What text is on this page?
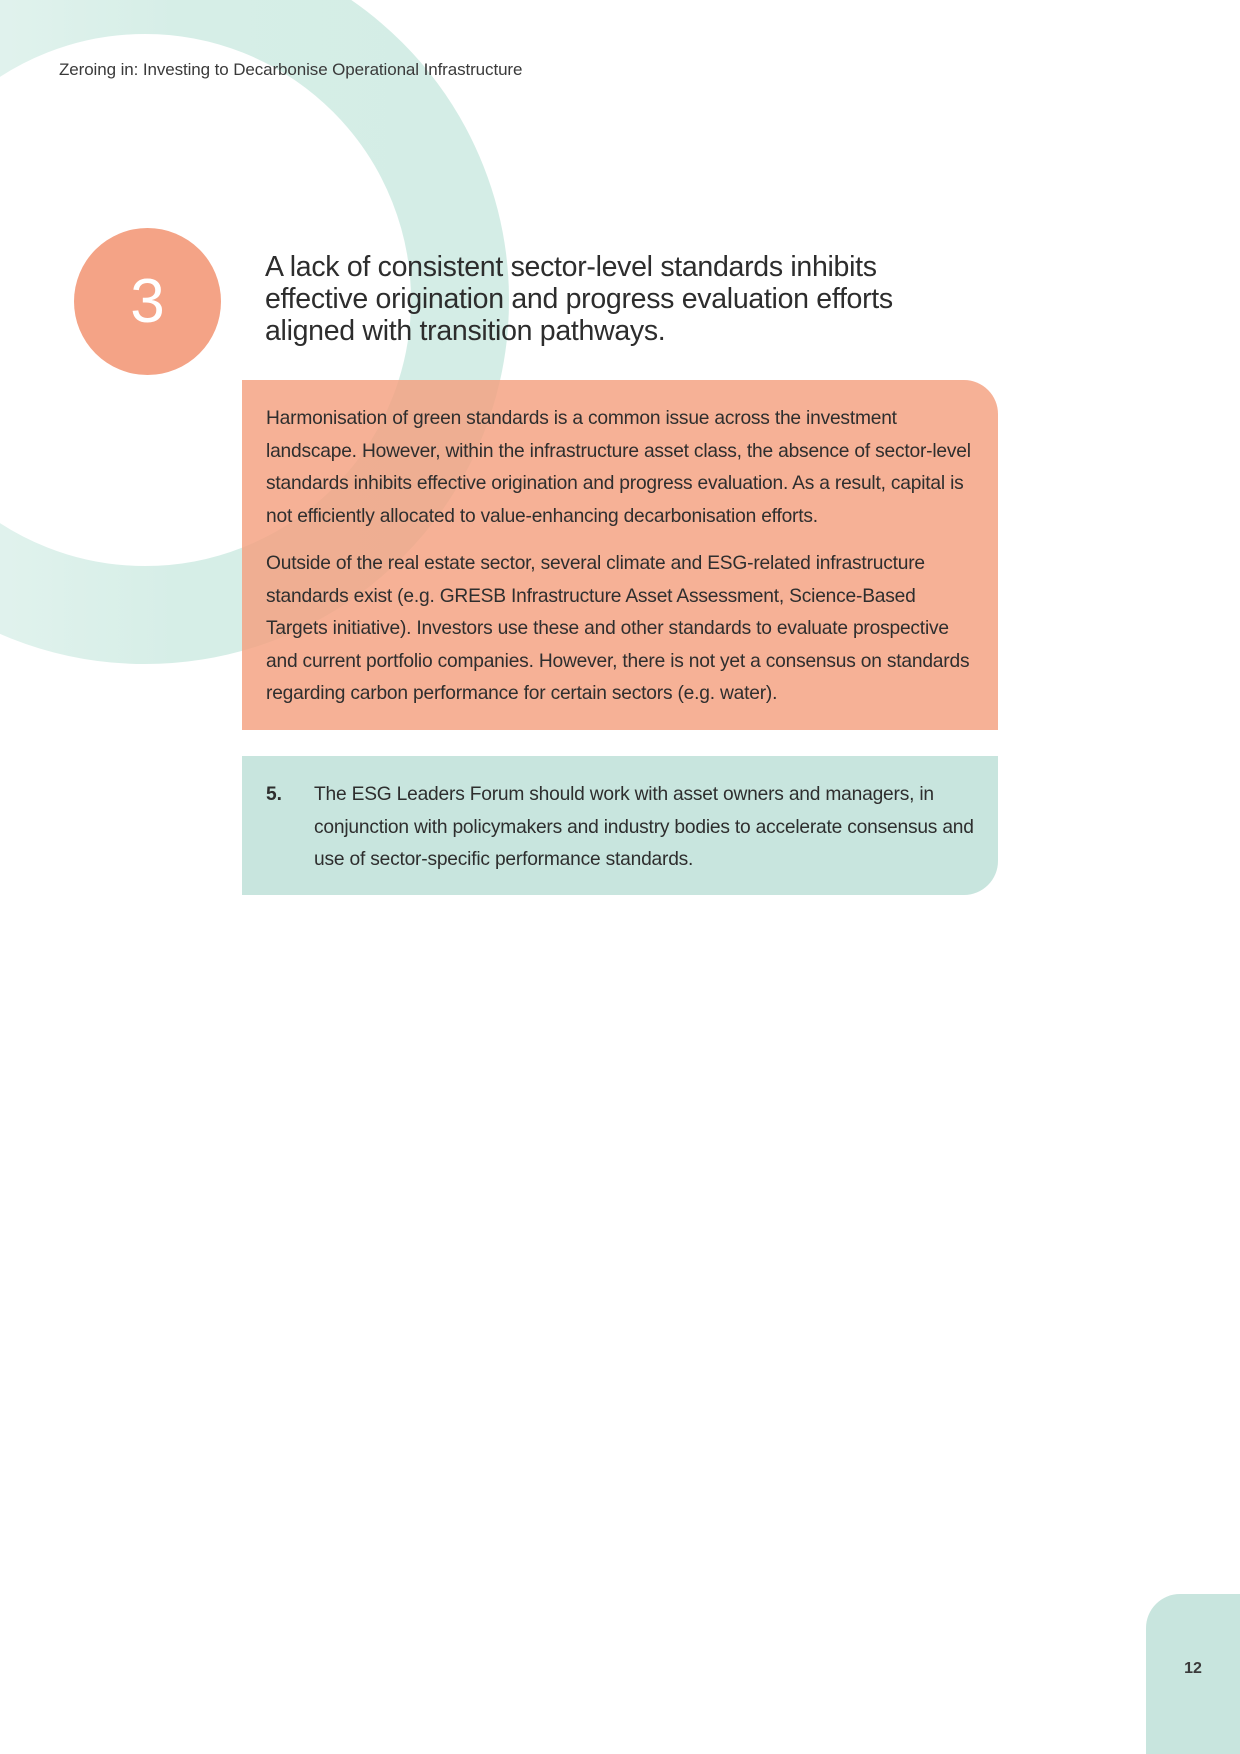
Zeroing in: Investing to Decarbonise Operational Infrastructure
3	A lack of consistent sector-level standards inhibits effective origination and progress evaluation efforts aligned with transition pathways.

Harmonisation of green standards is a common issue across the investment landscape. However, within the infrastructure asset class, the absence of sector-level standards inhibits effective origination and progress evaluation. As a result, capital is not efficiently allocated to value-enhancing decarbonisation efforts.

Outside of the real estate sector, several climate and ESG-related infrastructure standards exist (e.g. GRESB Infrastructure Asset Assessment, Science-Based Targets initiative). Investors use these and other standards to evaluate prospective and current portfolio companies. However, there is not yet a consensus on standards regarding carbon performance for certain sectors (e.g. water).

5.	The ESG Leaders Forum should work with asset owners and managers, in conjunction with policymakers and industry bodies to accelerate consensus and use of sector-specific performance standards.
12
